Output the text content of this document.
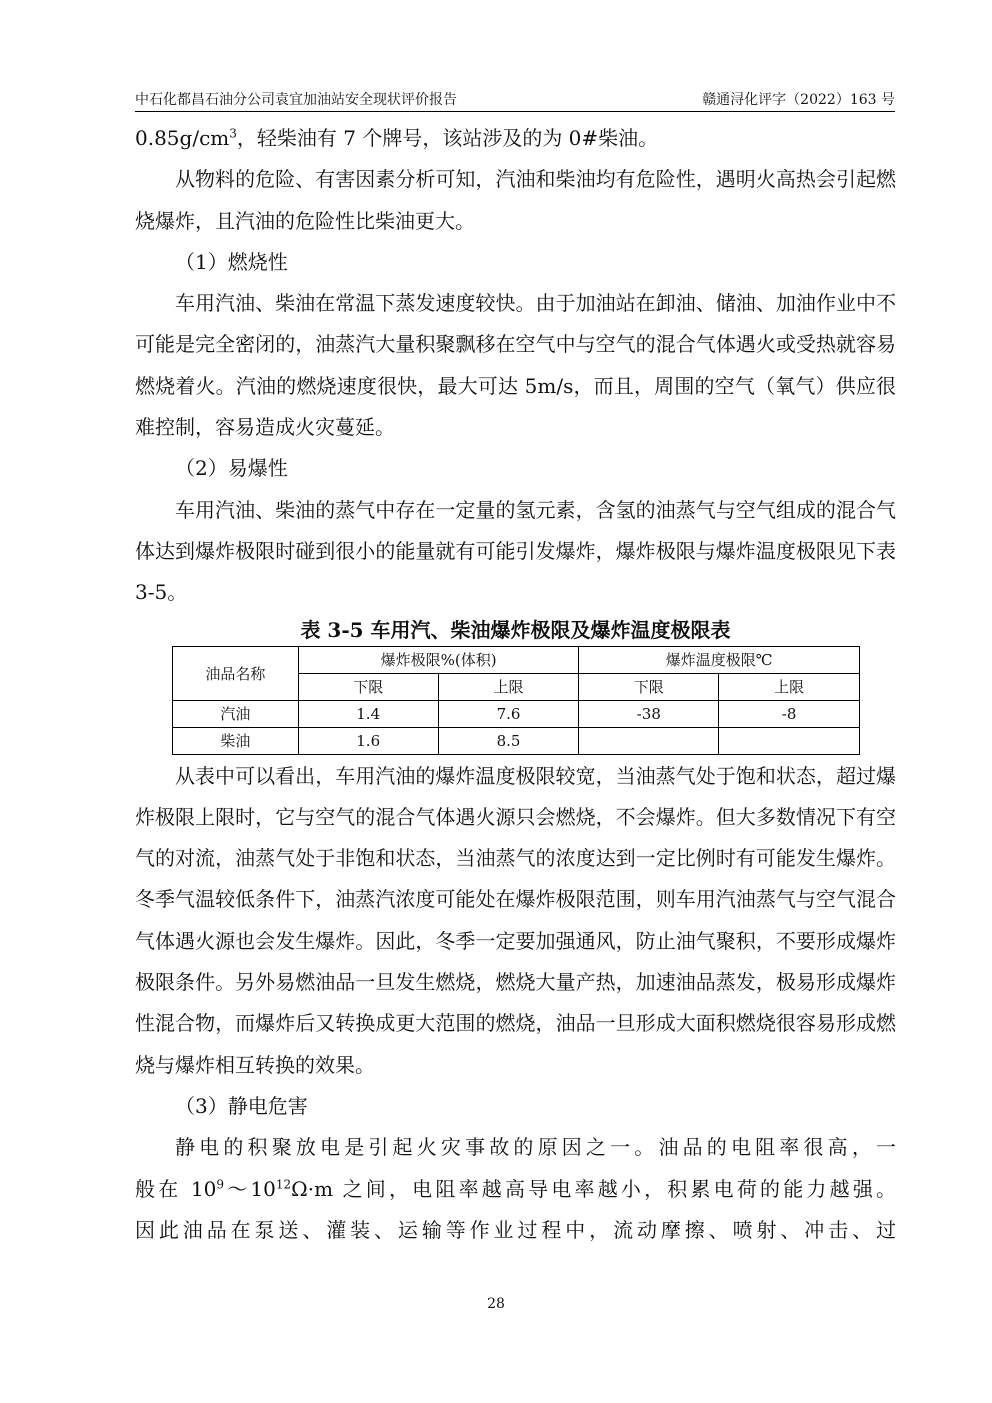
中石化都昌石油分公司袁宜加油站安全现状评价报告	赣通浔化评字（2022）163 号

$0.85g/cm^3$，轻柴油有 7 个牌号，该站涉及的为 0#柴油。

从物料的危险、有害因素分析可知，汽油和柴油均有危险性，遇明火高热会引起燃烧爆炸，且汽油的危险性比柴油更大。

（1）燃烧性

车用汽油、柴油在常温下蒸发速度较快。由于加油站在卸油、储油、加油作业中不可能是完全密闭的，油蒸汽大量积聚飘移在空气中与空气的混合气体遇火或受热就容易燃烧着火。汽油的燃烧速度很快，最大可达 5m/s，而且，周围的空气（氧气）供应很难控制，容易造成火灾蔓延。

（2）易爆性

车用汽油、柴油的蒸气中存在一定量的氢元素，含氢的油蒸气与空气组成的混合气体达到爆炸极限时碰到很小的能量就有可能引发爆炸，爆炸极限与爆炸温度极限见下表 3-5。

表 3-5 车用汽、柴油爆炸极限及爆炸温度极限表
油品名称	爆炸极限%(体积)		爆炸温度极限℃	
	下限	上限	下限	上限
汽油	1.4	7.6	-38	-8
柴油	1.6	8.5		

从表中可以看出，车用汽油的爆炸温度极限较宽，当油蒸气处于饱和状态，超过爆炸极限上限时，它与空气的混合气体遇火源只会燃烧，不会爆炸。但大多数情况下有空气的对流，油蒸气处于非饱和状态，当油蒸气的浓度达到一定比例时有可能发生爆炸。冬季气温较低条件下，油蒸汽浓度可能处在爆炸极限范围，则车用汽油蒸气与空气混合气体遇火源也会发生爆炸。因此，冬季一定要加强通风，防止油气聚积，不要形成爆炸极限条件。另外易燃油品一旦发生燃烧，燃烧大量产热，加速油品蒸发，极易形成爆炸性混合物，而爆炸后又转换成更大范围的燃烧，油品一旦形成大面积燃烧很容易形成燃烧与爆炸相互转换的效果。

（3）静电危害

静电的积聚放电是引起火灾事故的原因之一。油品的电阻率很高，一

般在 $10^9\sim 10^{12}\Omega\cdot m$ 之间，电阻率越高导电率越小，积累电荷的能力越强。

因此油品在泵送、灌装、运输等作业过程中，流动摩擦、喷射、冲击、过

28
